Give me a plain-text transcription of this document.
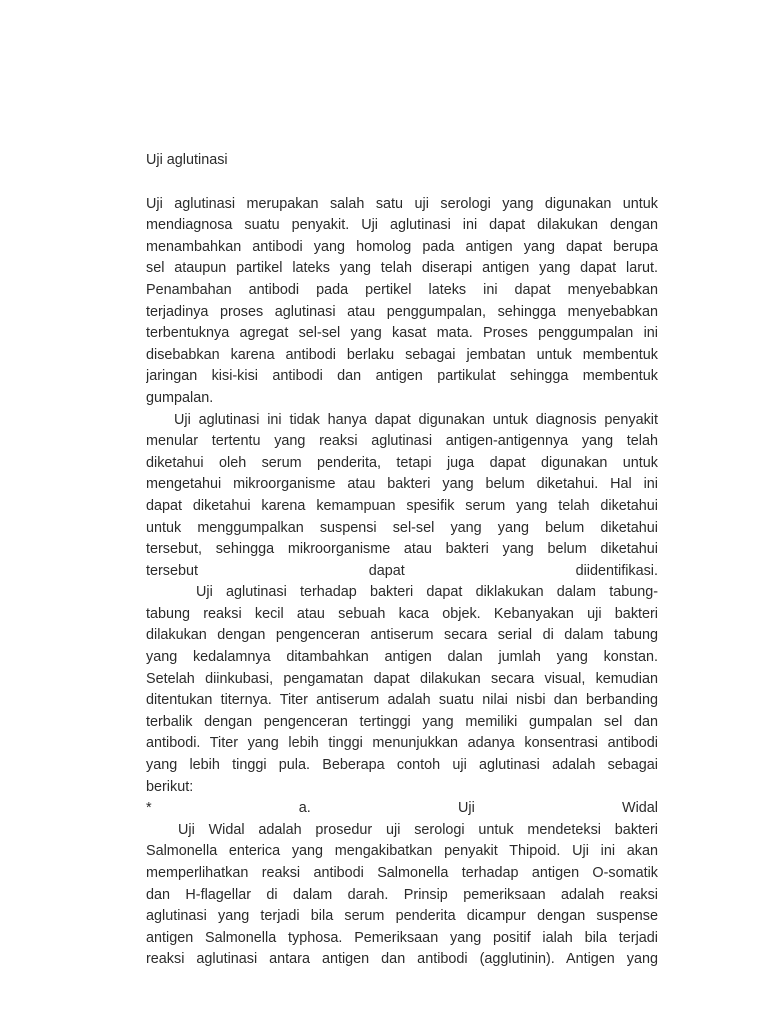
Uji aglutinasi
Uji aglutinasi merupakan salah satu uji serologi yang digunakan untuk
mendiagnosa suatu penyakit. Uji aglutinasi ini dapat dilakukan dengan
menambahkan antibodi yang homolog pada antigen yang dapat berupa
sel ataupun partikel lateks yang telah diserapi antigen yang dapat larut.
Penambahan antibodi pada pertikel lateks ini dapat menyebabkan
terjadinya proses aglutinasi atau penggumpalan, sehingga menyebabkan
terbentuknya agregat sel-sel yang kasat mata. Proses penggumpalan ini
disebabkan karena antibodi berlaku sebagai jembatan untuk membentuk
jaringan kisi-kisi antibodi dan antigen partikulat sehingga membentuk
gumpalan.
Uji aglutinasi ini tidak hanya dapat digunakan untuk diagnosis penyakit
menular tertentu yang reaksi aglutinasi antigen-antigennya yang telah
diketahui oleh serum penderita, tetapi juga dapat digunakan untuk
mengetahui mikroorganisme atau bakteri yang belum diketahui. Hal ini
dapat diketahui karena kemampuan spesifik serum yang telah diketahui
untuk menggumpalkan suspensi sel-sel yang yang belum diketahui
tersebut, sehingga mikroorganisme atau bakteri yang belum diketahui
tersebut dapat diidentifikasi.
Uji aglutinasi terhadap bakteri dapat diklakukan dalam tabung-
tabung reaksi kecil atau sebuah kaca objek. Kebanyakan uji bakteri
dilakukan dengan pengenceran antiserum secara serial di dalam tabung
yang kedalamnya ditambahkan antigen dalan jumlah yang konstan.
Setelah diinkubasi, pengamatan dapat dilakukan secara visual, kemudian
ditentukan titernya. Titer antiserum adalah suatu nilai nisbi dan berbanding
terbalik dengan pengenceran tertinggi yang memiliki gumpalan sel dan
antibodi. Titer yang lebih tinggi menunjukkan adanya konsentrasi antibodi
yang lebih tinggi pula. Beberapa contoh uji aglutinasi adalah sebagai
berikut:
* a. Uji Widal
Uji Widal adalah prosedur uji serologi untuk mendeteksi bakteri
Salmonella enterica yang mengakibatkan penyakit Thipoid. Uji ini akan
memperlihatkan reaksi antibodi Salmonella terhadap antigen O-somatik
dan H-flagellar di dalam darah. Prinsip pemeriksaan adalah reaksi
aglutinasi yang terjadi bila serum penderita dicampur dengan suspense
antigen Salmonella typhosa. Pemeriksaan yang positif ialah bila terjadi
reaksi aglutinasi antara antigen dan antibodi (agglutinin). Antigen yang
